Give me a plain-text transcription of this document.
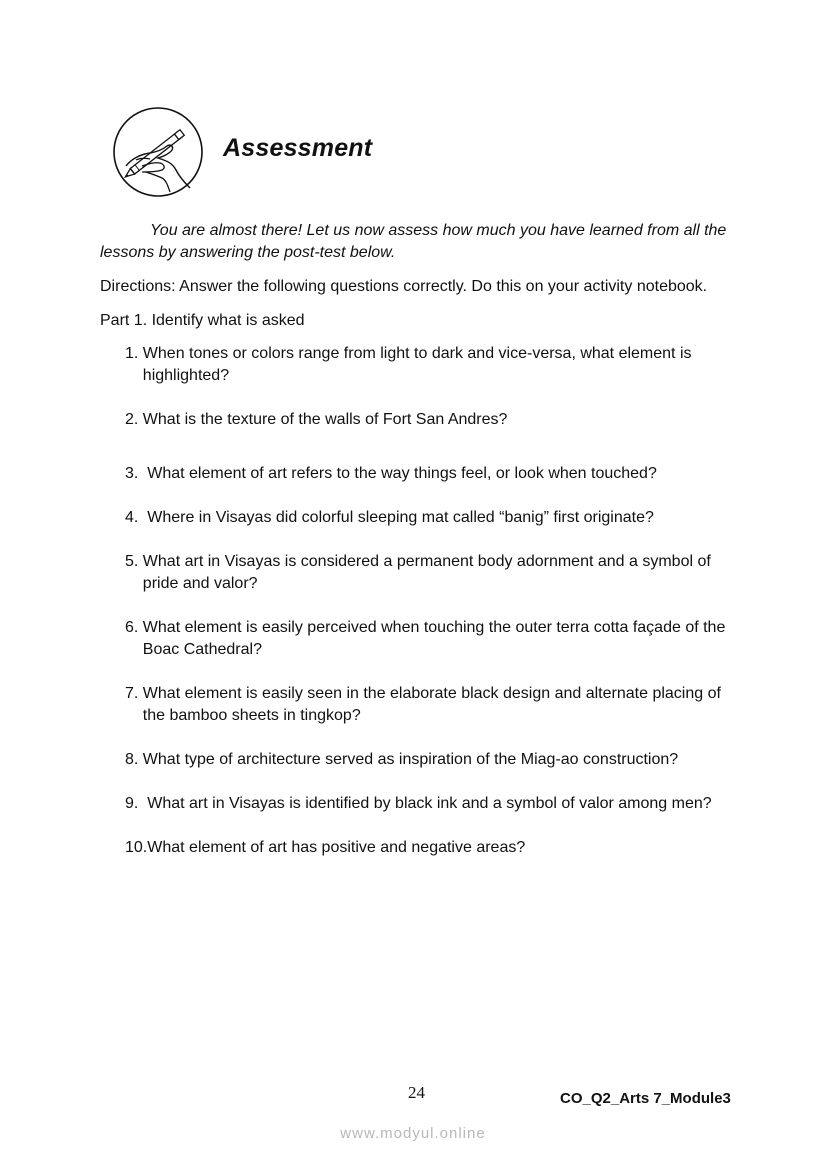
Assessment

You are almost there! Let us now assess how much you have learned from all the lessons by answering the post-test below.

Directions: Answer the following questions correctly. Do this on your activity notebook.

Part 1. Identify what is asked

1. When tones or colors range from light to dark and vice-versa, what element is highlighted?
2. What is the texture of the walls of Fort San Andres?
3. What element of art refers to the way things feel, or look when touched?
4. Where in Visayas did colorful sleeping mat called “banig” first originate?
5. What art in Visayas is considered a permanent body adornment and a symbol of pride and valor?
6. What element is easily perceived when touching the outer terra cotta façade of the Boac Cathedral?
7. What element is easily seen in the elaborate black design and alternate placing of the bamboo sheets in tingkop?
8. What type of architecture served as inspiration of the Miag-ao construction?
9. What art in Visayas is identified by black ink and a symbol of valor among men?
10. What element of art has positive and negative areas?

24	CO_Q2_Arts 7_Module3

www.modyul.online
